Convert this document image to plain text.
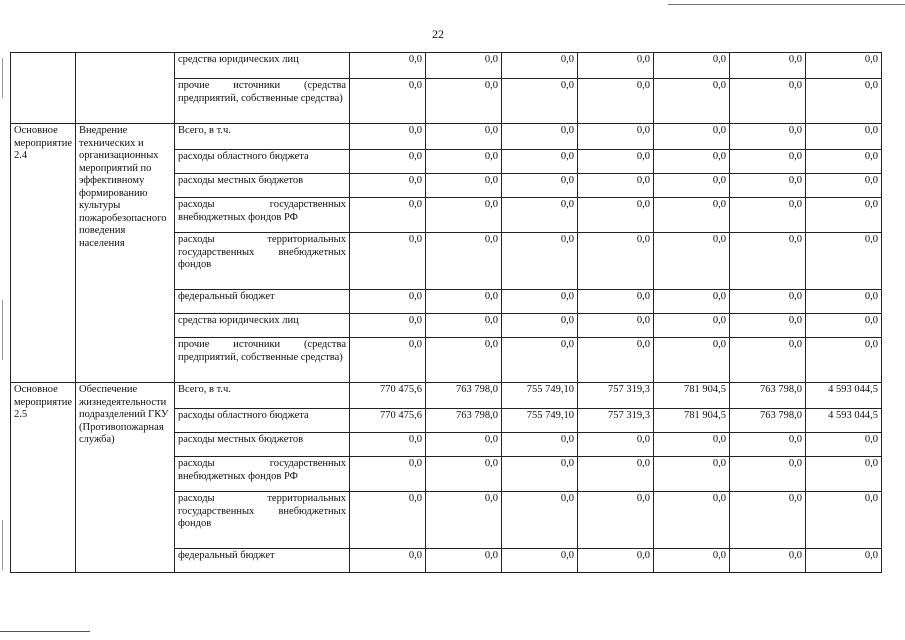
22
		средства юридических лиц	0,0	0,0	0,0	0,0	0,0	0,0	0,0
		прочие источники (средства предприятий, собственные средства)	0,0	0,0	0,0	0,0	0,0	0,0	0,0
Основное мероприятие 2.4	Внедрение технических и организационных мероприятий по эффективному формированию культуры пожаробезопасного поведения населения	Всего, в т.ч.	0,0	0,0	0,0	0,0	0,0	0,0	0,0
		расходы областного бюджета	0,0	0,0	0,0	0,0	0,0	0,0	0,0
		расходы местных бюджетов	0,0	0,0	0,0	0,0	0,0	0,0	0,0
		расходы государственных внебюджетных фондов РФ	0,0	0,0	0,0	0,0	0,0	0,0	0,0
		расходы территориальных государственных внебюджетных фондов	0,0	0,0	0,0	0,0	0,0	0,0	0,0
		федеральный бюджет	0,0	0,0	0,0	0,0	0,0	0,0	0,0
		средства юридических лиц	0,0	0,0	0,0	0,0	0,0	0,0	0,0
		прочие источники (средства предприятий, собственные средства)	0,0	0,0	0,0	0,0	0,0	0,0	0,0
Основное мероприятие 2.5	Обеспечение жизнедеятельности подразделений ГКУ (Противопожарная служба)	Всего, в т.ч.	770 475,6	763 798,0	755 749,10	757 319,3	781 904,5	763 798,0	4 593 044,5
		расходы областного бюджета	770 475,6	763 798,0	755 749,10	757 319,3	781 904,5	763 798,0	4 593 044,5
		расходы местных бюджетов	0,0	0,0	0,0	0,0	0,0	0,0	0,0
		расходы государственных внебюджетных фондов РФ	0,0	0,0	0,0	0,0	0,0	0,0	0,0
		расходы территориальных государственных внебюджетных фондов	0,0	0,0	0,0	0,0	0,0	0,0	0,0
		федеральный бюджет	0,0	0,0	0,0	0,0	0,0	0,0	0,0
